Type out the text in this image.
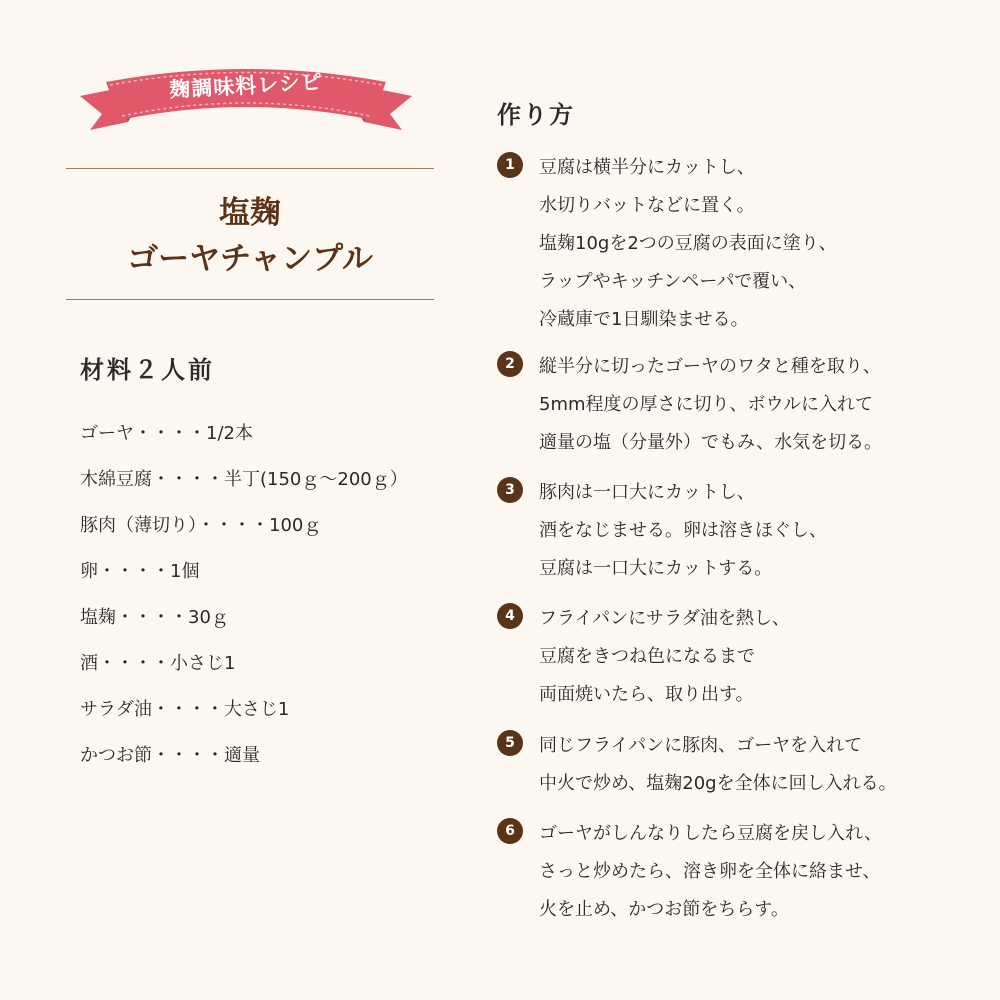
麹調味料レシピ
塩麹
ゴーヤチャンプル
材料２人前
ゴーヤ・・・・1/2本
木綿豆腐・・・・半丁(150ｇ〜200ｇ）
豚肉（薄切り）・・・・100ｇ
卵・・・・1個
塩麹・・・・30ｇ
酒・・・・小さじ1
サラダ油・・・・大さじ1
かつお節・・・・適量
作り方
1	豆腐は横半分にカットし、
水切りバットなどに置く。
塩麹10gを2つの豆腐の表面に塗り、
ラップやキッチンペーパで覆い、
冷蔵庫で1日馴染ませる。
2	縦半分に切ったゴーヤのワタと種を取り、
5mm程度の厚さに切り、ボウルに入れて
適量の塩（分量外）でもみ、水気を切る。
3	豚肉は一口大にカットし、
酒をなじませる。卵は溶きほぐし、
豆腐は一口大にカットする。
4	フライパンにサラダ油を熱し、
豆腐をきつね色になるまで
両面焼いたら、取り出す。
5	同じフライパンに豚肉、ゴーヤを入れて
中火で炒め、塩麹20gを全体に回し入れる。
6	ゴーヤがしんなりしたら豆腐を戻し入れ、
さっと炒めたら、溶き卵を全体に絡ませ、
火を止め、かつお節をちらす。
